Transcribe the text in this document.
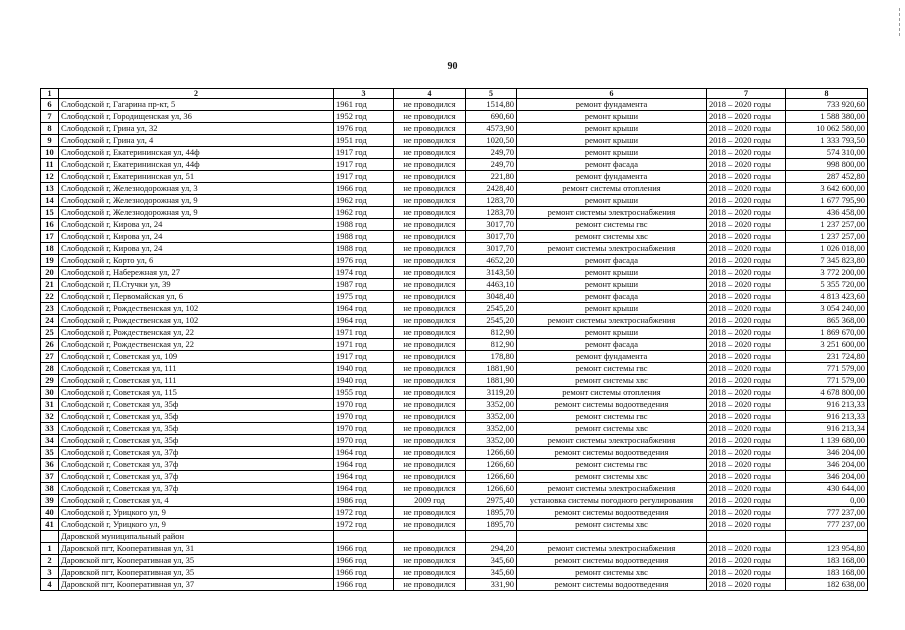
90
1	2	3	4	5	6	7	8
6	Слободской г, Гагарина пр-кт, 5	1961 год	не проводился	1514,80	ремонт фундамента	2018 – 2020 годы	733 920,60
7	Слободской г, Городищенская ул, 36	1952 год	не проводился	690,60	ремонт крыши	2018 – 2020 годы	1 588 380,00
8	Слободской г, Грина ул, 32	1976 год	не проводился	4573,90	ремонт крыши	2018 – 2020 годы	10 062 580,00
9	Слободской г, Грина ул, 4	1951 год	не проводился	1020,50	ремонт крыши	2018 – 2020 годы	1 333 793,50
10	Слободской г, Екатерининская ул, 44ф	1917 год	не проводился	249,70	ремонт крыши	2018 – 2020 годы	574 310,00
11	Слободской г, Екатерининская ул, 44ф	1917 год	не проводился	249,70	ремонт фасада	2018 – 2020 годы	998 800,00
12	Слободской г, Екатерининская ул, 51	1917 год	не проводился	221,80	ремонт фундамента	2018 – 2020 годы	287 452,80
13	Слободской г, Железнодорожная ул, 3	1966 год	не проводился	2428,40	ремонт системы отопления	2018 – 2020 годы	3 642 600,00
14	Слободской г, Железнодорожная ул, 9	1962 год	не проводился	1283,70	ремонт крыши	2018 – 2020 годы	1 677 795,90
15	Слободской г, Железнодорожная ул, 9	1962 год	не проводился	1283,70	ремонт системы электроснабжения	2018 – 2020 годы	436 458,00
16	Слободской г, Кирова ул, 24	1988 год	не проводился	3017,70	ремонт системы гвс	2018 – 2020 годы	1 237 257,00
17	Слободской г, Кирова ул, 24	1988 год	не проводился	3017,70	ремонт системы хвс	2018 – 2020 годы	1 237 257,00
18	Слободской г, Кирова ул, 24	1988 год	не проводился	3017,70	ремонт системы электроснабжения	2018 – 2020 годы	1 026 018,00
19	Слободской г, Корто ул, 6	1976 год	не проводился	4652,20	ремонт фасада	2018 – 2020 годы	7 345 823,80
20	Слободской г, Набережная ул, 27	1974 год	не проводился	3143,50	ремонт крыши	2018 – 2020 годы	3 772 200,00
21	Слободской г, П.Стучки ул, 39	1987 год	не проводился	4463,10	ремонт крыши	2018 – 2020 годы	5 355 720,00
22	Слободской г, Первомайская ул, 6	1975 год	не проводился	3048,40	ремонт фасада	2018 – 2020 годы	4 813 423,60
23	Слободской г, Рождественская ул, 102	1964 год	не проводился	2545,20	ремонт крыши	2018 – 2020 годы	3 054 240,00
24	Слободской г, Рождественская ул, 102	1964 год	не проводился	2545,20	ремонт системы электроснабжения	2018 – 2020 годы	865 368,00
25	Слободской г, Рождественская ул, 22	1971 год	не проводился	812,90	ремонт крыши	2018 – 2020 годы	1 869 670,00
26	Слободской г, Рождественская ул, 22	1971 год	не проводился	812,90	ремонт фасада	2018 – 2020 годы	3 251 600,00
27	Слободской г, Советская ул, 109	1917 год	не проводился	178,80	ремонт фундамента	2018 – 2020 годы	231 724,80
28	Слободской г, Советская ул, 111	1940 год	не проводился	1881,90	ремонт системы гвс	2018 – 2020 годы	771 579,00
29	Слободской г, Советская ул, 111	1940 год	не проводился	1881,90	ремонт системы хвс	2018 – 2020 годы	771 579,00
30	Слободской г, Советская ул, 115	1955 год	не проводился	3119,20	ремонт системы отопления	2018 – 2020 годы	4 678 800,00
31	Слободской г, Советская ул, 35ф	1970 год	не проводился	3352,00	ремонт системы водоотведения	2018 – 2020 годы	916 213,33
32	Слободской г, Советская ул, 35ф	1970 год	не проводился	3352,00	ремонт системы гвс	2018 – 2020 годы	916 213,33
33	Слободской г, Советская ул, 35ф	1970 год	не проводился	3352,00	ремонт системы хвс	2018 – 2020 годы	916 213,34
34	Слободской г, Советская ул, 35ф	1970 год	не проводился	3352,00	ремонт системы электроснабжения	2018 – 2020 годы	1 139 680,00
35	Слободской г, Советская ул, 37ф	1964 год	не проводился	1266,60	ремонт системы водоотведения	2018 – 2020 годы	346 204,00
36	Слободской г, Советская ул, 37ф	1964 год	не проводился	1266,60	ремонт системы гвс	2018 – 2020 годы	346 204,00
37	Слободской г, Советская ул, 37ф	1964 год	не проводился	1266,60	ремонт системы хвс	2018 – 2020 годы	346 204,00
38	Слободской г, Советская ул, 37ф	1964 год	не проводился	1266,60	ремонт системы электроснабжения	2018 – 2020 годы	430 644,00
39	Слободской г, Советская ул, 4	1986 год	2009 год	2975,40	установка системы погодного регулирования	2018 – 2020 годы	0,00
40	Слободской г, Урицкого ул, 9	1972 год	не проводился	1895,70	ремонт системы водоотведения	2018 – 2020 годы	777 237,00
41	Слободской г, Урицкого ул, 9	1972 год	не проводился	1895,70	ремонт системы хвс	2018 – 2020 годы	777 237,00
	Даровской муниципальный район						
1	Даровской пгт, Кооперативная ул, 31	1966 год	не проводился	294,20	ремонт системы электроснабжения	2018 – 2020 годы	123 954,80
2	Даровской пгт, Кооперативная ул, 35	1966 год	не проводился	345,60	ремонт системы водоотведения	2018 – 2020 годы	183 168,00
3	Даровской пгт, Кооперативная ул, 35	1966 год	не проводился	345,60	ремонт системы хвс	2018 – 2020 годы	183 168,00
4	Даровской пгт, Кооперативная ул, 37	1966 год	не проводился	331,90	ремонт системы водоотведения	2018 – 2020 годы	182 638,00
